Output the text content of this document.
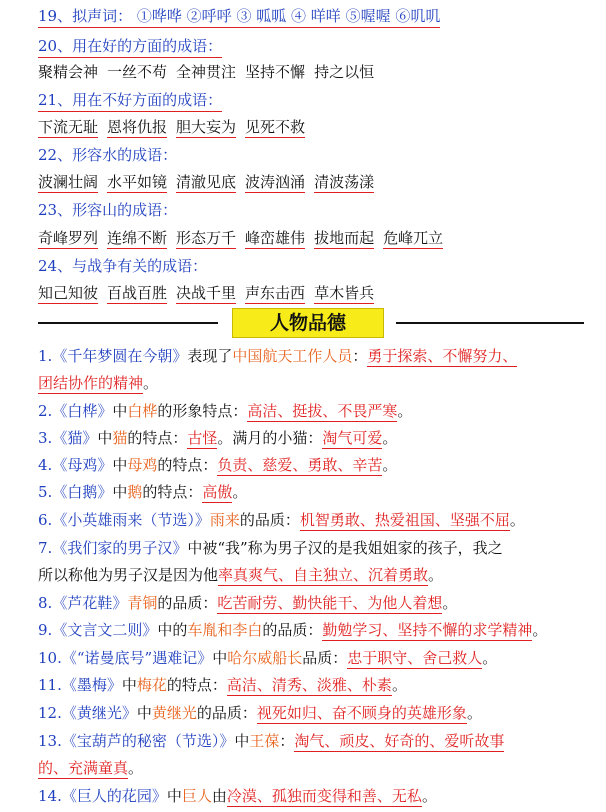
19、拟声词： ①哗哗 ②呼呼 ③ 呱呱 ④ 咩咩 ⑤喔喔 ⑥叽叽
20、用在好的方面的成语：
聚精会神 一丝不苟 全神贯注 坚持不懈 持之以恒
21、用在不好方面的成语：
下流无耻 恩将仇报 胆大妄为 见死不救
22、形容水的成语：
波澜壮阔 水平如镜 清澈见底 波涛汹涌 清波荡漾
23、形容山的成语：
奇峰罗列 连绵不断 形态万千 峰峦雄伟 拔地而起 危峰兀立
24、与战争有关的成语：
知己知彼 百战百胜 决战千里 声东击西 草木皆兵
人物品德
1.《千年梦圆在今朝》表现了中国航天工作人员：勇于探索、不懈努力、
团结协作的精神。
2.《白桦》中白桦的形象特点：高洁、挺拔、不畏严寒。
3.《猫》中猫的特点：古怪。满月的小猫：淘气可爱。
4.《母鸡》中母鸡的特点：负责、慈爱、勇敢、辛苦。
5.《白鹅》中鹅的特点：高傲。
6.《小英雄雨来（节选）》雨来的品质：机智勇敢、热爱祖国、坚强不屈。
7.《我们家的男子汉》中被“我”称为男子汉的是我姐姐家的孩子，我之
所以称他为男子汉是因为他率真爽气、自主独立、沉着勇敢。
8.《芦花鞋》青铜的品质：吃苦耐劳、勤快能干、为他人着想。
9.《文言文二则》中的车胤和李白的品质：勤勉学习、坚持不懈的求学精神。
10.《“诺曼底号”遇难记》中哈尔威船长品质：忠于职守、舍己救人。
11.《墨梅》中梅花的特点：高洁、清秀、淡雅、朴素。
12.《黄继光》中黄继光的品质：视死如归、奋不顾身的英雄形象。
13.《宝葫芦的秘密（节选）》中王葆：淘气、顽皮、好奇的、爱听故事
的、充满童真。
14.《巨人的花园》中巨人由冷漠、孤独而变得和善、无私。
